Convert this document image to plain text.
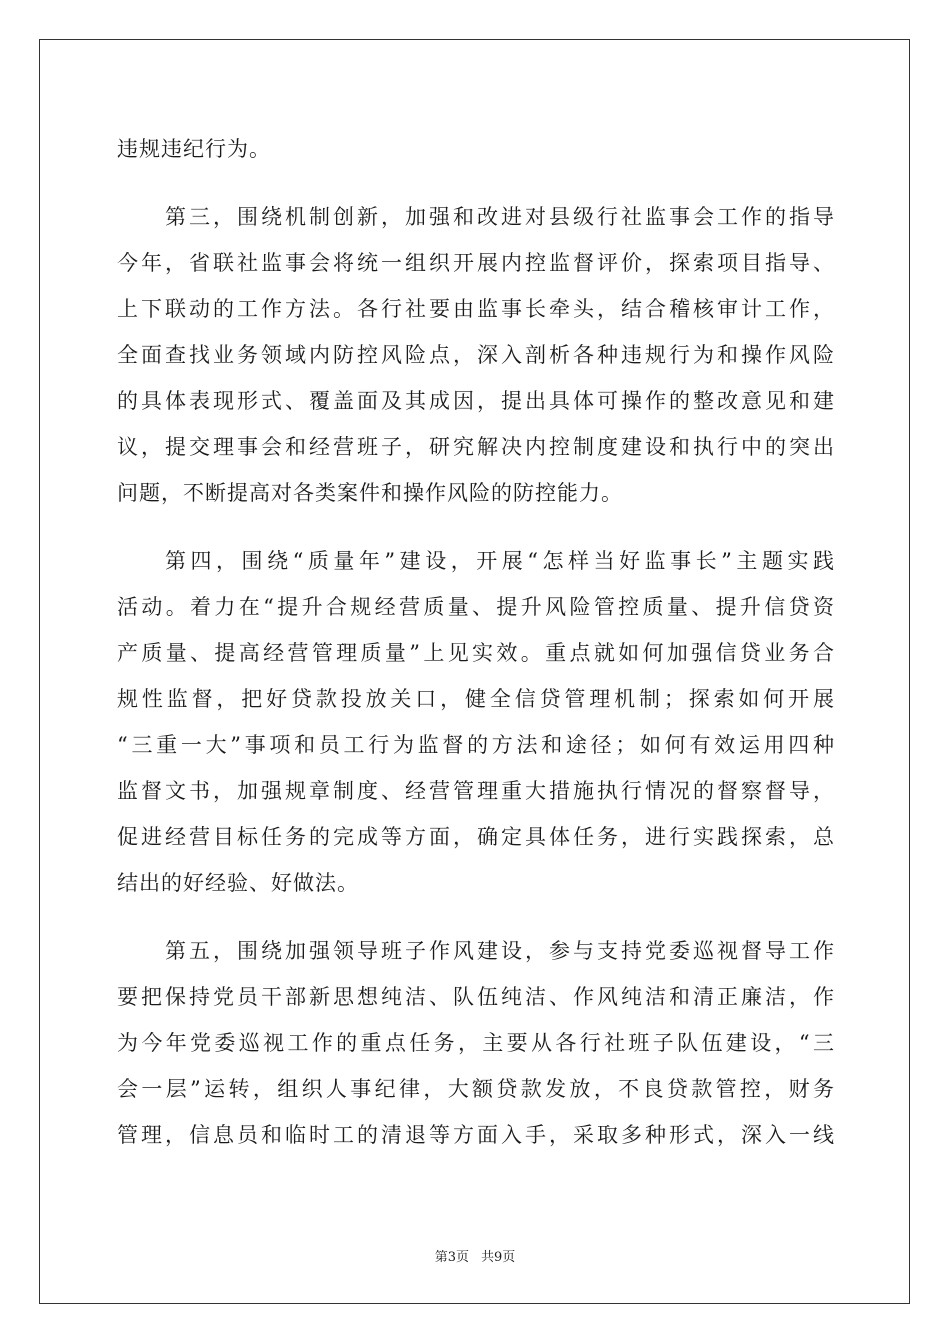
违规违纪行为。
第三，围绕机制创新，加强和改进对县级行社监事会工作的指导
今年，省联社监事会将统一组织开展内控监督评价，探索项目指导、
上下联动的工作方法。各行社要由监事长牵头，结合稽核审计工作，
全面查找业务领域内防控风险点，深入剖析各种违规行为和操作风险
的具体表现形式、覆盖面及其成因，提出具体可操作的整改意见和建
议，提交理事会和经营班子，研究解决内控制度建设和执行中的突出
问题，不断提高对各类案件和操作风险的防控能力。
第四，围绕“质量年”建设，开展“怎样当好监事长”主题实践
活动。着力在“提升合规经营质量、提升风险管控质量、提升信贷资
产质量、提高经营管理质量”上见实效。重点就如何加强信贷业务合
规性监督，把好贷款投放关口，健全信贷管理机制；探索如何开展
“三重一大”事项和员工行为监督的方法和途径；如何有效运用四种
监督文书，加强规章制度、经营管理重大措施执行情况的督察督导，
促进经营目标任务的完成等方面，确定具体任务，进行实践探索，总
结出的好经验、好做法。
第五，围绕加强领导班子作风建设，参与支持党委巡视督导工作
要把保持党员干部新思想纯洁、队伍纯洁、作风纯洁和清正廉洁，作
为今年党委巡视工作的重点任务，主要从各行社班子队伍建设，“三
会一层”运转，组织人事纪律，大额贷款发放，不良贷款管控，财务
管理，信息员和临时工的清退等方面入手，采取多种形式，深入一线
第3页 共9页
